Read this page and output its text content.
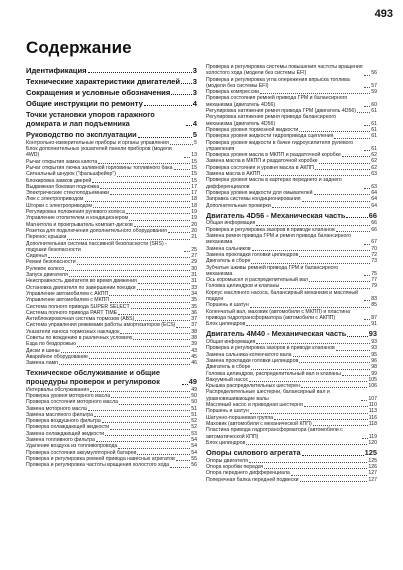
493
Содержание
Идентификация	3
Технические характеристики двигателей 3
Сокращения и условные обозначения	3
Общие инструкции по ремонту	4
Точки установки упоров гаражного домкрата и лап подъемника	4
Руководство по эксплуатации	5
Контрольно-измерительные приборы и органы управления	5
Блок дополнительных указателей панели приборов (модели 4WD)	13
Рычаг открытия замка капота	15
Рычаг открытия лючка заливной горловины топливного бака	15
Сигнальный шнурок ("фальшфейер")	15
Блокировка замков дверей	15
Выдвижная боковая подножка	17
Электрические стеклоподъемники	17
Люк с электроприводом	18
Шторки с электроприводом	18
Регулировка положения рулевого колеса	19
Управление отопителем и кондиционером	19
Магнитола и проигрыватель компакт-дисков	20
Розетка для подключения дополнительного оборудования	20
Перенос крышки	21
Дополнительная система пассивной безопасности (SRS) - подушки безопасности	25
Сиденья	27
Ремни безопасности	29
Рулевое колесо	30
Запуск двигателя	31
Неисправность двигателя во время движения	31
Остановка двигателя по завершении поездки	33
Управление автомобилем с АКПП	34
Управление автомобилем с МКПП	35
Система полного привода SUPER SELECT	35
Система полного привода PART TIME	36
Антиблокировочная система тормозов (ABS)	37
Система управления режимами работы амортизаторов (ECS)	37
Указатели износа тормозных накладок	38
Советы по вождению в различных условиях	38
Езда по бездорожью	39
Диски и шины	43
Аварийное оборудование	45
Замена ламп	46
Техническое обслуживание и общие процедуры проверок и регулировок	49
Интервалы обслуживания	49
Проверка уровня моторного масла	50
Проверка состояния моторного масла	50
Замена моторного масла	51
Замена масляного фильтра	51
Проверка воздушного фильтра	52
Проверка охлаждающей жидкости	52
Замена охлаждающей жидкости	53
Замена топливного фильтра	54
Удаление воздуха из топливопровода	54
Проверка состояния аккумуляторной батареи	54
Проверка и регулировка ремней привода навесных агрегатов	55
Проверка и регулировка частоты вращения холостого хода	56
Проверка и регулировка системы повышения частоты вращения холостого хода (модели без системы EFI)	56
Проверка и регулировка угла опережения впрыска топлива (модели без системы EFI)	57
Проверка компрессии	59
Проверка состояния ремней привода ГРМ и балансирного механизма (двигатель 4D56)	60
Регулировка натяжения ремня привода ГРМ (двигатель 4D56)	61
Регулировка натяжения ремня привода балансирного механизма (двигатель 4D56)	61
Проверка уровня тормозной жидкости	61
Проверка уровня жидкости гидропривода сцепления	61
Проверка уровня жидкости в бачке гидроусилителя рулевого управления	61
Проверка уровня масла в МКПП и раздаточной коробке	62
Замена масла в МКПП и раздаточной коробке	62
Проверка состояния и уровня масла в АКПП	62
Замена масла в АКПП	63
Проверка уровня масла в картерах переднего и заднего дифференциалов	63
Проверка уровня жидкости для омывателей	64
Заправка системы кондиционирования	64
Дополнительные проверки	64
Двигатель 4D56 - Механическая часть	66
Общая информация	66
Проверка и регулировка зазоров в приводе клапанов	66
Замена ремня привода ГРМ и ремня привода балансирного механизма	67
Замена сальников	70
Замена прокладки головки цилиндров	72
Двигатель в сборе	73
Зубчатые шкивы ремней привода ГРМ и балансирного механизма	75
Ось коромысел и распределительный вал	77
Головка цилиндров и клапаны	79
Корпус масляного насоса, балансирный механизм и масляный поддон	83
Поршень и шатун	85
Коленчатый вал, маховик (автомобили с МКПП) и пластина привода гидротрансформатора (автомобили с АКПП)	87
Блок цилиндров	91
Двигатель 4M40 - Механическая часть	93
Общая информация	93
Проверка и регулировка зазоров в приводе клапанов	93
Замена сальника коленчатого вала	95
Замена прокладки головки цилиндров	96
Двигатель в сборе	98
Головка цилиндров, распределительный вал и клапаны	99
Вакуумный насос	105
Крышка распределительных шестерен	106
Распределительные шестерни, балансирный вал и уравновешивающие валы	107
Масляный насос и приводная шестерня	110
Поршень и шатун	113
Шатунно-поршневая группа	116
Маховик (автомобили с механической КПП)	118
Пластина привода гидротрансформатора (автомобили с автоматической КПП)	119
Блок цилиндров	120
Опоры силового агрегата	125
Опоры двигателя	125
Опора коробки передач	126
Опора переднего дифференциала	127
Поперечная балка передней подвески	127
